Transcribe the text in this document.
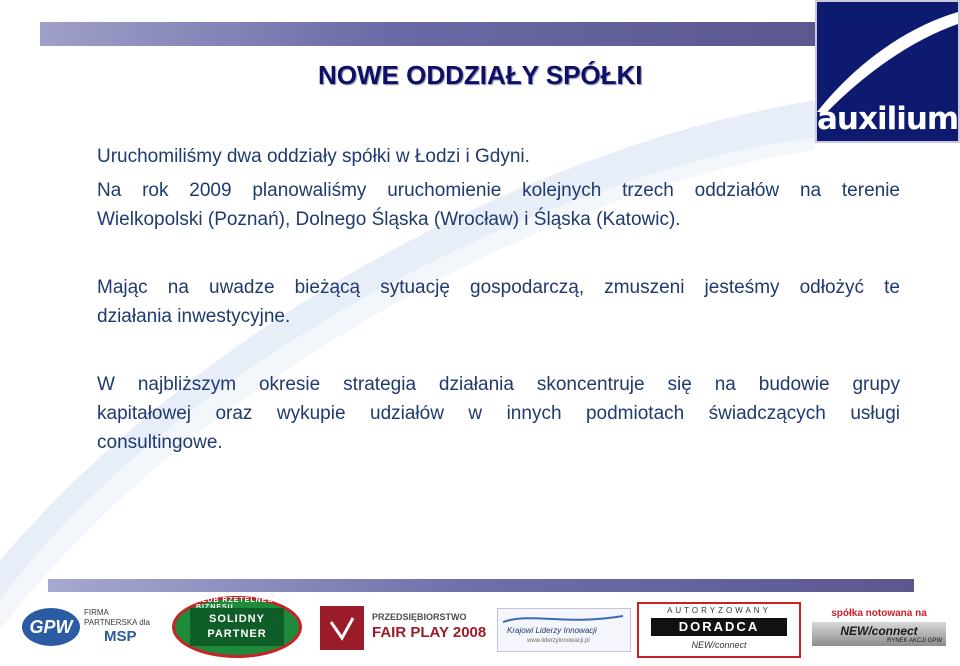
auxilium
NOWE ODDZIAŁY SPÓŁKI
Uruchomiliśmy dwa oddziały spółki w Łodzi i Gdyni.
Na rok 2009 planowaliśmy uruchomienie kolejnych trzech oddziałów na terenie
Wielkopolski (Poznań), Dolnego Śląska (Wrocław) i Śląska (Katowic).
Mając na uwadze bieżącą sytuację gospodarczą, zmuszeni jesteśmy odłożyć te
działania inwestycyjne.
W najbliższym okresie strategia działania skoncentruje się na budowie grupy
kapitałowej oraz wykupie udziałów w innych podmiotach świadczących usługi
consultingowe.
GPW
FIRMA PARTNERSKA dla
MSP
KLUB RZETELNEGO
SOLIDNY
PARTNER
PRZEDSIĘBIORSTWO
FAIR PLAY 2008	Krajowi Liderzy Innowacji
www.liderzyinnowacji.pl
AUTORYZOWANY
DORADCA
NEW/connect
spółka notowana na
NEW/connect
RYNEK AKCJI GPW
